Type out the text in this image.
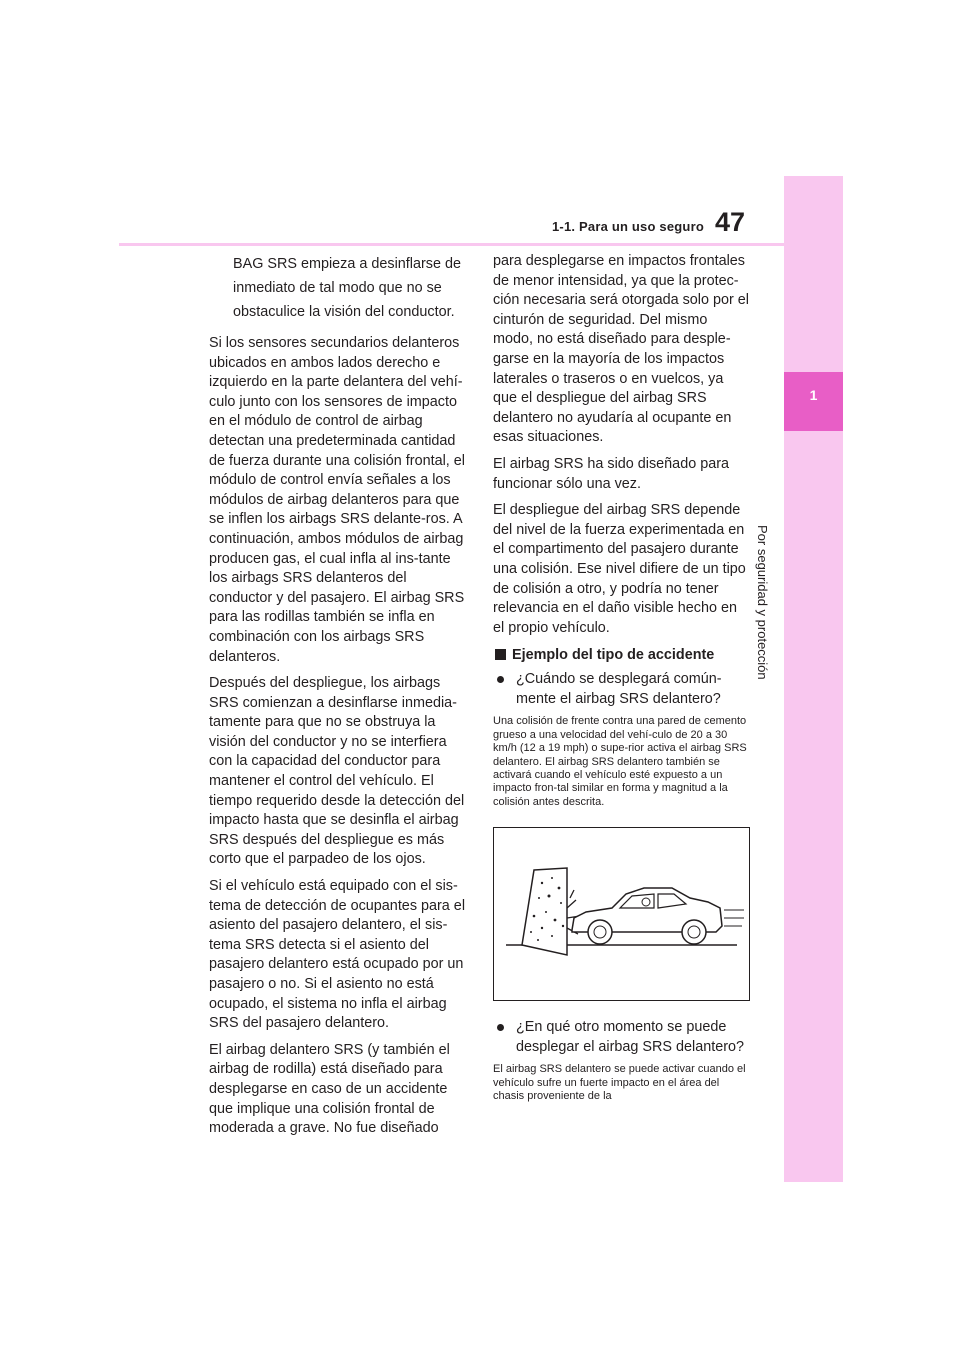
1-1. Para un uso seguro 47
1
Por seguridad y protección

BAG SRS empieza a desinflarse de inmediato de tal modo que no se obstaculice la visión del conductor.

Si los sensores secundarios delanteros ubicados en ambos lados derecho e izquierdo en la parte delantera del vehí-culo junto con los sensores de impacto en el módulo de control de airbag detectan una predeterminada cantidad de fuerza durante una colisión frontal, el módulo de control envía señales a los módulos de airbag delanteros para que se inflen los airbags SRS delante-ros. A continuación, ambos módulos de airbag producen gas, el cual infla al ins-tante los airbags SRS delanteros del conductor y del pasajero. El airbag SRS para las rodillas también se infla en combinación con los airbags SRS delanteros.

Después del despliegue, los airbags SRS comienzan a desinflarse inmedia-tamente para que no se obstruya la visión del conductor y no se interfiera con la capacidad del conductor para mantener el control del vehículo. El tiempo requerido desde la detección del impacto hasta que se desinfla el airbag SRS después del despliegue es más corto que el parpadeo de los ojos.

Si el vehículo está equipado con el sis-tema de detección de ocupantes para el asiento del pasajero delantero, el sis-tema SRS detecta si el asiento del pasajero delantero está ocupado por un pasajero o no. Si el asiento no está ocupado, el sistema no infla el airbag SRS del pasajero delantero.

El airbag delantero SRS (y también el airbag de rodilla) está diseñado para desplegarse en caso de un accidente que implique una colisión frontal de moderada a grave. No fue diseñado

para desplegarse en impactos frontales de menor intensidad, ya que la protec-ción necesaria será otorgada solo por el cinturón de seguridad. Del mismo modo, no está diseñado para desple-garse en la mayoría de los impactos laterales o traseros o en vuelcos, ya que el despliegue del airbag SRS delantero no ayudaría al ocupante en esas situaciones.

El airbag SRS ha sido diseñado para funcionar sólo una vez.

El despliegue del airbag SRS depende del nivel de la fuerza experimentada en el compartimento del pasajero durante una colisión. Ese nivel difiere de un tipo de colisión a otro, y podría no tener relevancia en el daño visible hecho en el propio vehículo.

Ejemplo del tipo de accidente
¿Cuándo se desplegará común-mente el airbag SRS delantero?

Una colisión de frente contra una pared de cemento grueso a una velocidad del vehí-culo de 20 a 30 km/h (12 a 19 mph) o supe-rior activa el airbag SRS delantero. El airbag SRS delantero también se activará cuando el vehículo esté expuesto a un impacto fron-tal similar en forma y magnitud a la colisión antes descrita.

¿En qué otro momento se puede desplegar el airbag SRS delantero?

El airbag SRS delantero se puede activar cuando el vehículo sufre un fuerte impacto en el área del chasis proveniente de la
